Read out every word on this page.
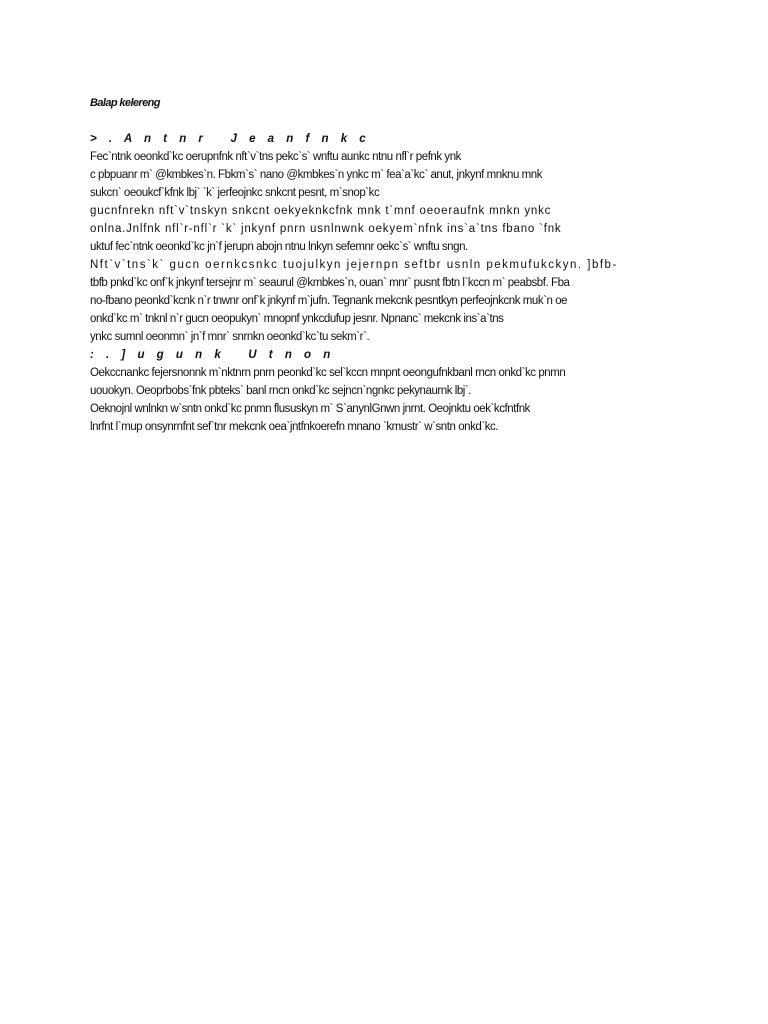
Balap kelereng
> . A n t n r   J e a n f n k c
Fec`ntnk oeonkd`kc oerupnfnk nft`v`tns pekc`s` wnftu aunkc ntnu nfl`r pefnk ynk
c pbpuanr m` @kmbkes`n. Fbkm`s` nano @kmbkes`n ynkc m` fea`a`kc` anut, jnkynf mnknu mnk
sukcn` oeoukcf`kfnk lbj` `k` jerfeojnkc snkcnt pesnt, m`snop`kc
gucnfnrekn nft`v`tnskyn snkcnt oekyeknkcfnk mnk t`mnf oeoeraufnk mnkn ynkc
onlna.Jnlfnk nfl`r-nfl`r `k` jnkynf pnrn usnlnwnk oekyem`nfnk ins`a`tns fbano `fnk
uktuf fec`ntnk oeonkd`kc jn`f jerupn abojn ntnu lnkyn sefemnr oekc`s` wnftu sngn.
Nft`v`tns`k` gucn oernkcsnkc tuojulkyn jejernpn seftbr usnln pekmufukckyn. ]bfb-
tbfb pnkd`kc onf`k jnkynf tersejnr m` seaurul @kmbkes`n, ouan` mnr` pusnt fbtn l`kccn m` peabsbf. Fba
no-fbano peonkd`kcnk n`r tnwnr onf`k jnkynf m`jufn. Tegnank mekcnk pesntkyn perfeojnkcnk muk`n oe
onkd`kc m` tnknl n`r gucn oeopukyn` mnopnf ynkcdufup jesnr. Npnanc` mekcnk ins`a`tns
ynkc sumnl oeonmn` jn`f mnr` snrnkn oeonkd`kc`tu sekm`r`.
: . ] u g u n k   U t n o n
Oekccnankc fejersnonnk m`nktnrn pnrn peonkd`kc sel`kccn mnpnt oeongufnkbanl rncn onkd`kc pnmn
uouokyn. Oeoprbobs`fnk pbteks` banl rncn onkd`kc sejncn`ngnkc pekynaurnk lbj`.
Oeknojnl wnlnkn w`sntn onkd`kc pnmn flususkyn m` S`anynlGnwn jnrnt. Oeojnktu oek`kcfntfnk
lnrfnt l`mup onsynrnfnt sef`tnr mekcnk oea`jntfnkoerefn mnano `kmustr` w`sntn onkd`kc.
